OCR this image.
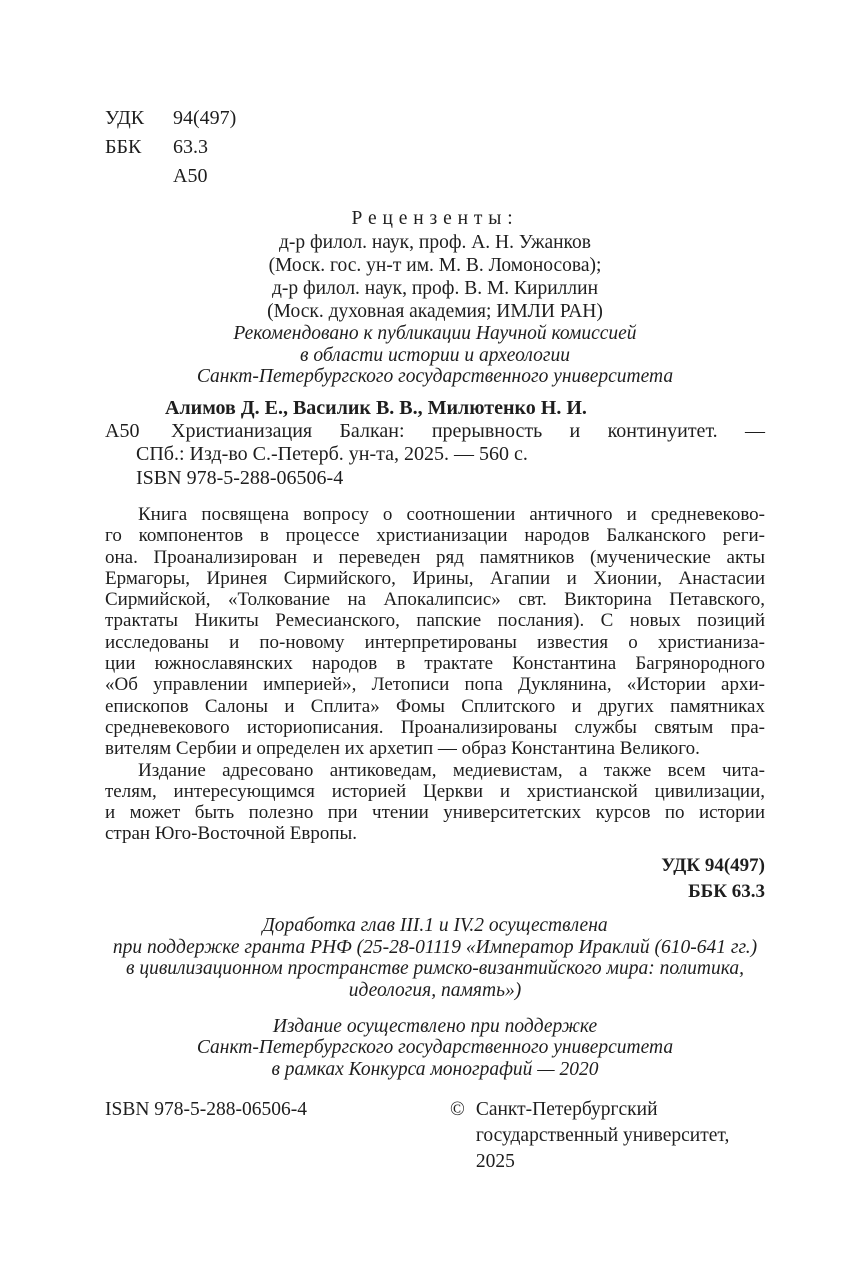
УДК	94(497)
ББК	63.3
А50
Рецензенты:
д-р филол. наук, проф. А. Н. Ужанков
(Моск. гос. ун-т им. М. В. Ломоносова);
д-р филол. наук, проф. В. М. Кириллин
(Моск. духовная академия; ИМЛИ РАН)
Рекомендовано к публикации Научной комиссией
в области истории и археологии
Санкт-Петербургского государственного университета
Алимов Д. Е., Василик В. В., Милютенко Н. И.
А50	Христианизация Балкан: прерывность и континуитет. —
СПб.: Изд-во С.-Петерб. ун-та, 2025. — 560 с.
ISBN 978-5-288-06506-4
Книга посвящена вопросу о соотношении античного и средневеково-
го компонентов в процессе христианизации народов Балканского реги-
она. Проанализирован и переведен ряд памятников (мученические акты
Ермагоры, Иринея Сирмийского, Ирины, Агапии и Хионии, Анастасии
Сирмийской, «Толкование на Апокалипсис» свт. Викторина Петавского,
трактаты Никиты Ремесианского, папские послания). С новых позиций
исследованы и по-новому интерпретированы известия о христианиза-
ции южнославянских народов в трактате Константина Багрянородного
«Об управлении империей», Летописи попа Дуклянина, «Истории архи-
епископов Салоны и Сплита» Фомы Сплитского и других памятниках
средневекового историописания. Проанализированы службы святым пра-
вителям Сербии и определен их архетип — образ Константина Великого.
Издание адресовано антиковедам, медиевистам, а также всем чита-
телям, интересующимся историей Церкви и христианской цивилизации,
и может быть полезно при чтении университетских курсов по истории
стран Юго-Восточной Европы.
УДК 94(497)
ББК 63.3
Доработка глав III.1 и IV.2 осуществлена
при поддержке гранта РНФ (25-28-01119 «Император Ираклий (610-641 гг.)
в цивилизационном пространстве римско-византийского мира: политика,
идеология, память»)
Издание осуществлено при поддержке
Санкт-Петербургского государственного университета
в рамках Конкурса монографий — 2020
ISBN 978-5-288-06506-4	© Санкт-Петербургский
государственный университет, 2025
